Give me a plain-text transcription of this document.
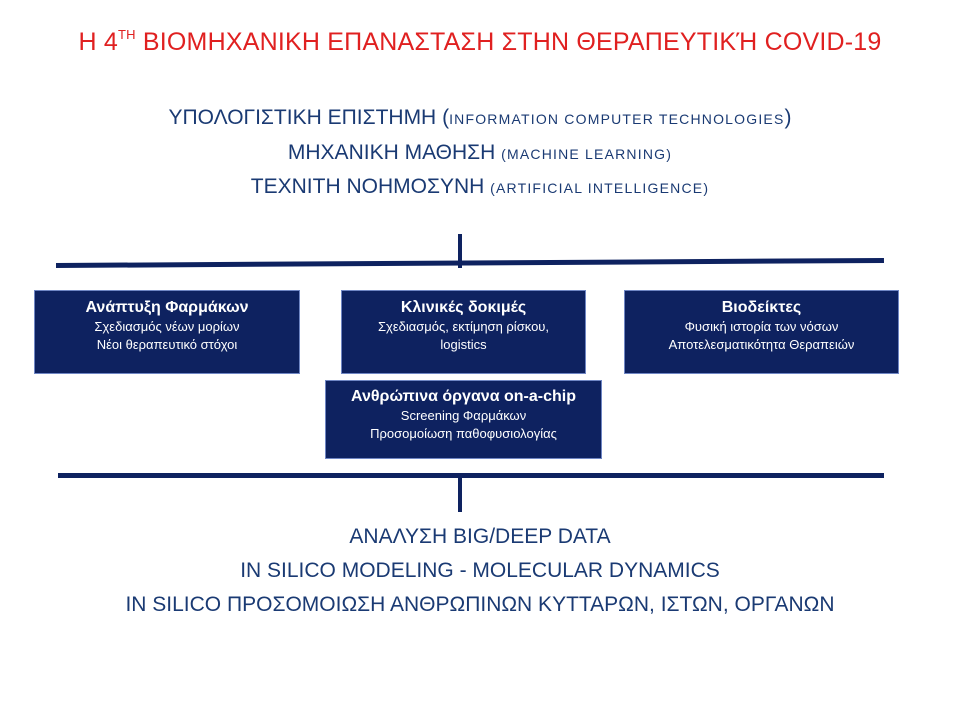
Η $4^{TH}$ ΒΙΟΜΗΧΑΝΙΚΗ ΕΠΑΝΑΣΤΑΣΗ ΣΤΗΝ ΘΕΡΑΠΕΥΤΙΚΉ COVID-19
ΥΠΟΛΟΓΙΣΤΙΚΗ ΕΠΙΣΤΗΜΗ (INFORMATION COMPUTER TECHNOLOGIES)
ΜΗΧΑΝΙΚΗ ΜΑΘΗΣΗ (MACHINE LEARNING)
ΤΕΧΝΙΤΗ ΝΟΗΜΟΣΥΝΗ (ARTIFICIAL INTELLIGENCE)
Ανάπτυξη Φαρμάκων
Σχεδιασμός νέων μορίων
Νέοι θεραπευτικό στόχοι
Κλινικές δοκιμές
Σχεδιασμός, εκτίμηση ρίσκου,
logistics
Βιοδείκτες
Φυσική ιστορία των νόσων
Αποτελεσματικότητα Θεραπειών
Ανθρώπινα όργανα on-a-chip
Screening Φαρμάκων
Προσομοίωση παθοφυσιολογίας
ΑΝΑΛΥΣΗ BIG/DEEP DATA
IN SILICO MODELING - MOLECULAR DYNAMICS
IN SILICO ΠΡΟΣΟΜΟΙΩΣΗ ΑΝΘΡΩΠΙΝΩΝ ΚΥΤΤΑΡΩΝ, ΙΣΤΩΝ, ΟΡΓΑΝΩΝ
